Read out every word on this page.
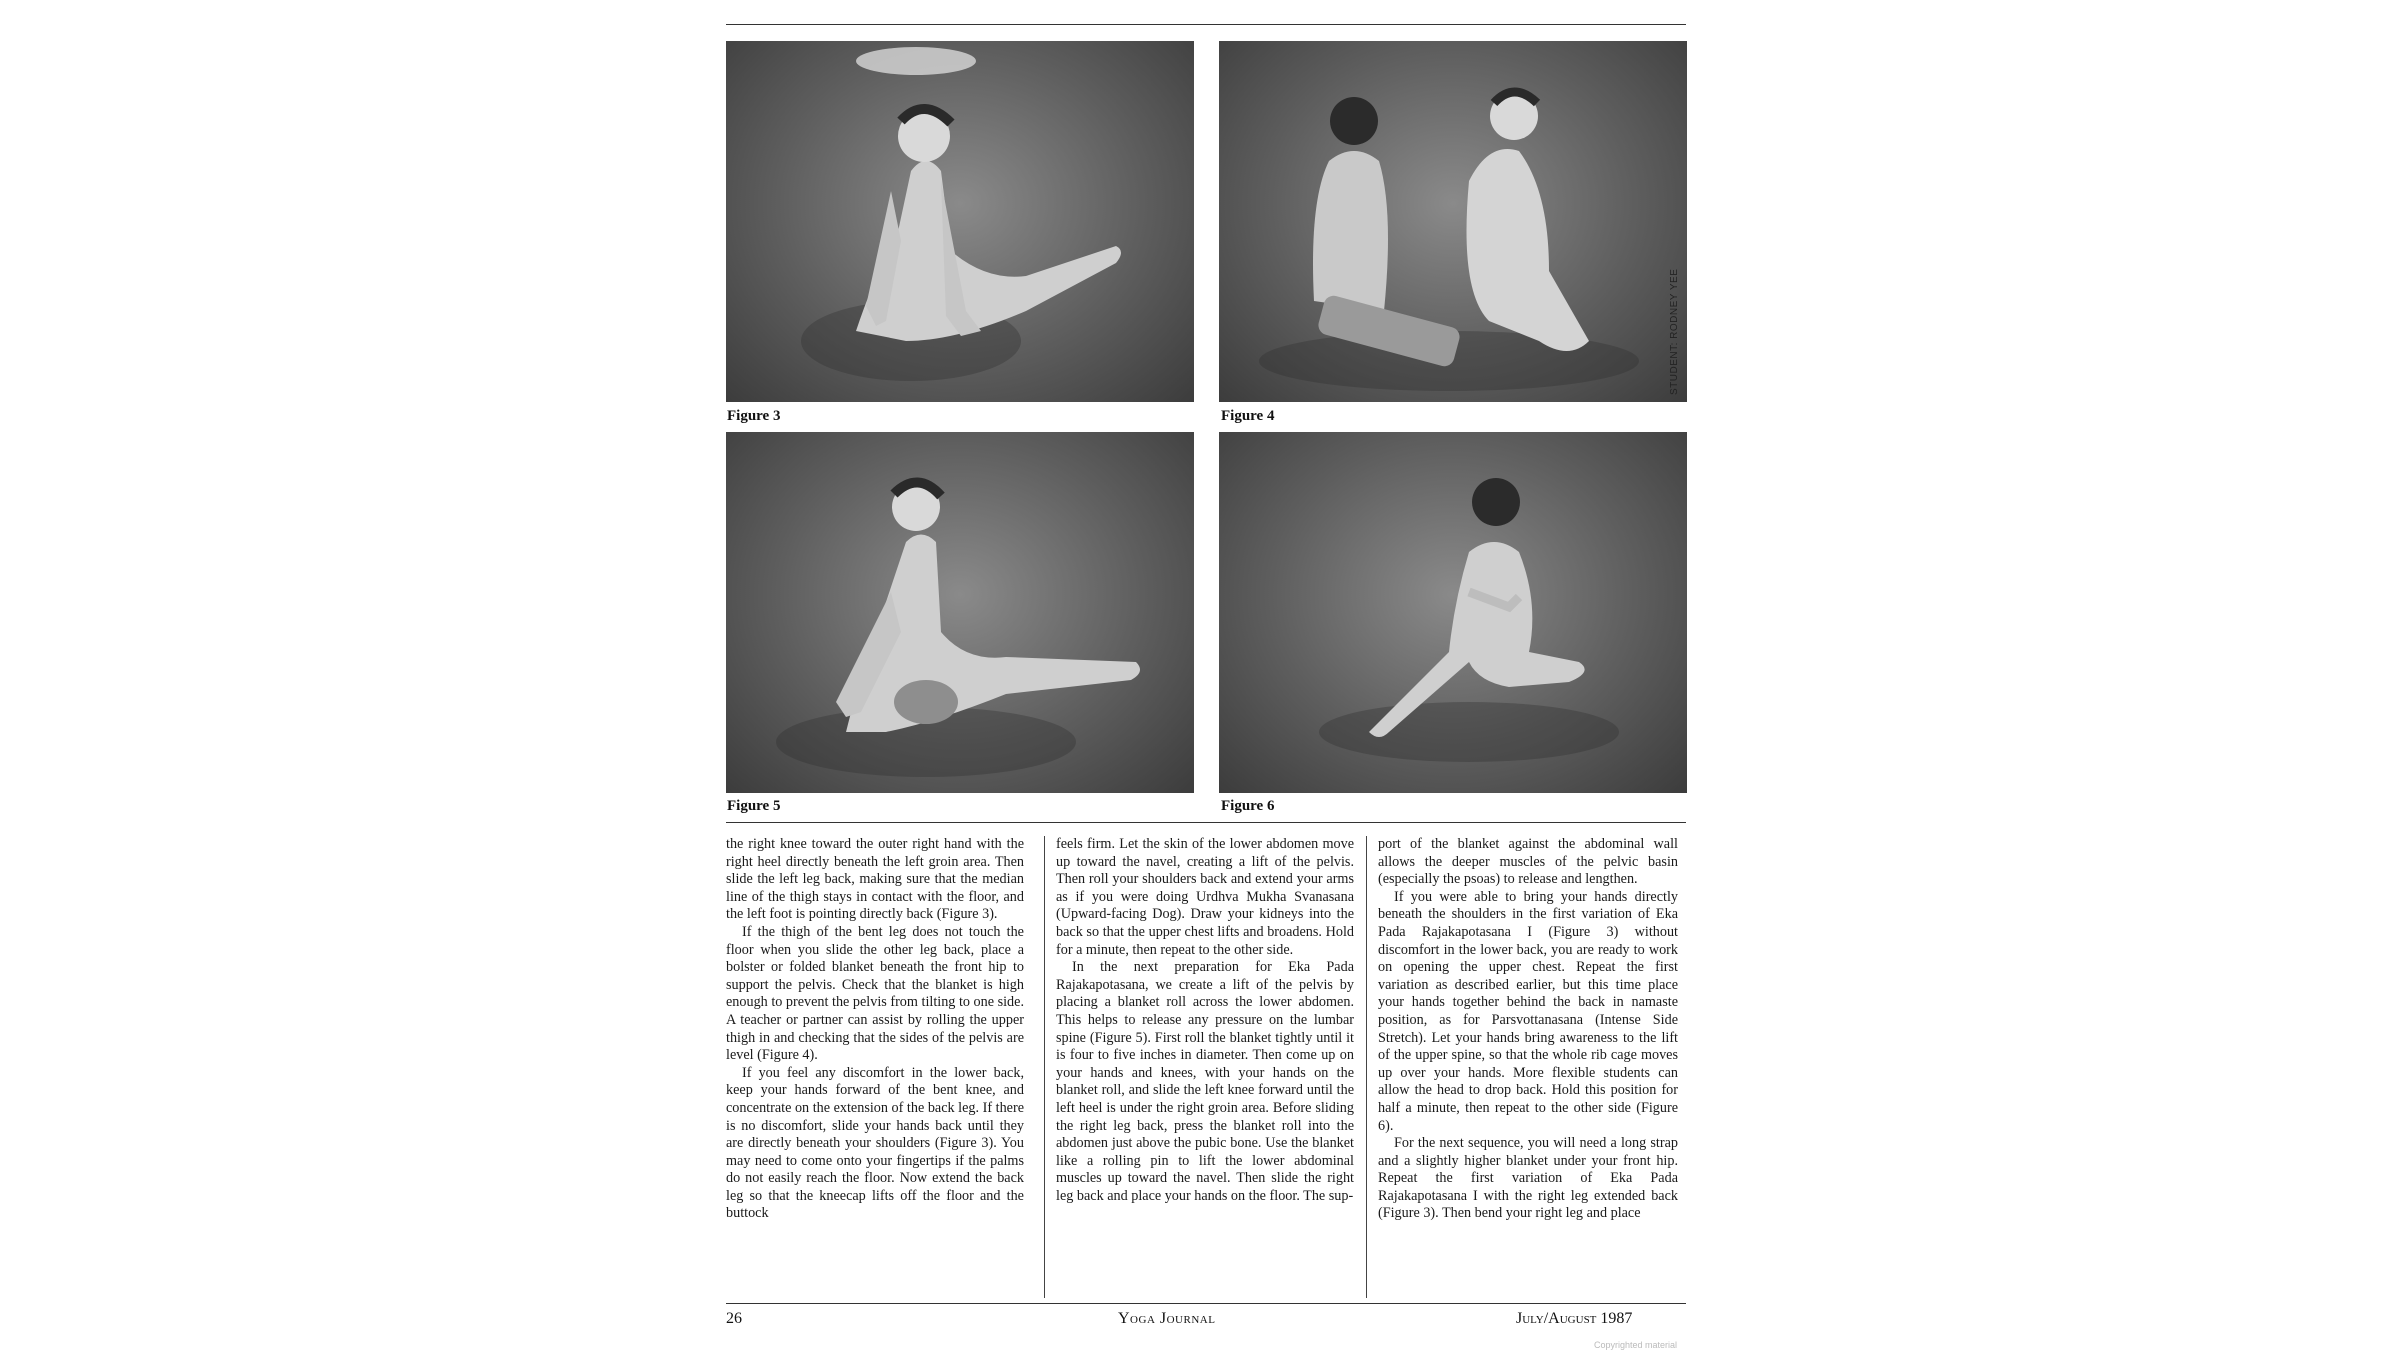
Figure 3	Figure 4
STUDENT: RODNEY YEE
Figure 5	Figure 6

the right knee toward the outer right hand with the right heel directly beneath the left groin area. Then slide the left leg back, making sure that the median line of the thigh stays in contact with the floor, and the left foot is pointing directly back (Figure 3).

If the thigh of the bent leg does not touch the floor when you slide the other leg back, place a bolster or folded blanket beneath the front hip to support the pelvis. Check that the blanket is high enough to prevent the pelvis from tilting to one side. A teacher or partner can assist by rolling the upper thigh in and checking that the sides of the pelvis are level (Figure 4).

If you feel any discomfort in the lower back, keep your hands forward of the bent knee, and concentrate on the extension of the back leg. If there is no discomfort, slide your hands back until they are directly beneath your shoulders (Figure 3). You may need to come onto your fingertips if the palms do not easily reach the floor. Now extend the back leg so that the kneecap lifts off the floor and the buttock

feels firm. Let the skin of the lower abdomen move up toward the navel, creating a lift of the pelvis. Then roll your shoulders back and extend your arms as if you were doing Urdhva Mukha Svanasana (Upward-facing Dog). Draw your kidneys into the back so that the upper chest lifts and broadens. Hold for a minute, then repeat to the other side.

In the next preparation for Eka Pada Rajakapotasana, we create a lift of the pelvis by placing a blanket roll across the lower abdomen. This helps to release any pressure on the lumbar spine (Figure 5). First roll the blanket tightly until it is four to five inches in diameter. Then come up on your hands and knees, with your hands on the blanket roll, and slide the left knee forward until the left heel is under the right groin area. Before sliding the right leg back, press the blanket roll into the abdomen just above the pubic bone. Use the blanket like a rolling pin to lift the lower abdominal muscles up toward the navel. Then slide the right leg back and place your hands on the floor. The sup-

port of the blanket against the abdominal wall allows the deeper muscles of the pelvic basin (especially the psoas) to release and lengthen.

If you were able to bring your hands directly beneath the shoulders in the first variation of Eka Pada Rajakapotasana I (Figure 3) without discomfort in the lower back, you are ready to work on opening the upper chest. Repeat the first variation as described earlier, but this time place your hands together behind the back in namaste position, as for Parsvottanasana (Intense Side Stretch). Let your hands bring awareness to the lift of the upper spine, so that the whole rib cage moves up over your hands. More flexible students can allow the head to drop back. Hold this position for half a minute, then repeat to the other side (Figure 6).

For the next sequence, you will need a long strap and a slightly higher blanket under your front hip. Repeat the first variation of Eka Pada Rajakapotasana I with the right leg extended back (Figure 3). Then bend your right leg and place

26	Yoga Journal	July/August 1987
Copyrighted material
